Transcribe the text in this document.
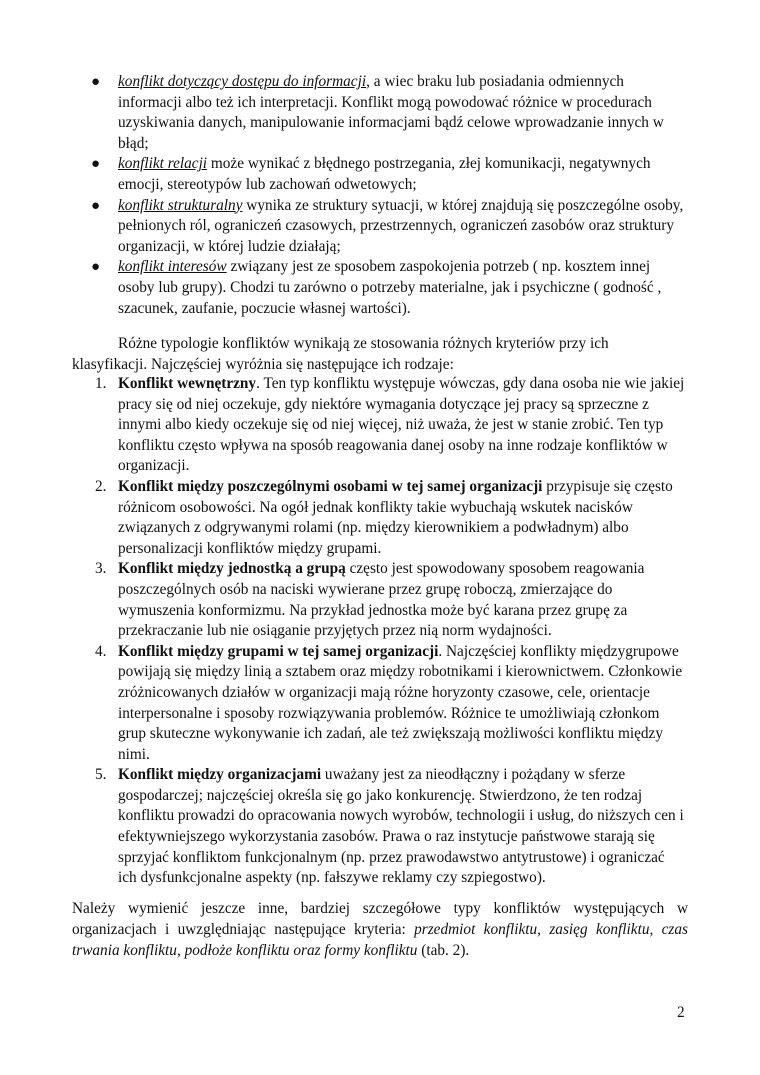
● konflikt dotyczący dostępu do informacji, a wiec braku lub posiadania odmiennych informacji albo też ich interpretacji. Konflikt mogą powodować różnice w procedurach uzyskiwania danych, manipulowanie informacjami bądź celowe wprowadzanie innych w błąd;
● konflikt relacji może wynikać z błędnego postrzegania, złej komunikacji, negatywnych emocji, stereotypów lub zachowań odwetowych;
● konflikt strukturalny wynika ze struktury sytuacji, w której znajdują się poszczególne osoby, pełnionych ról, ograniczeń czasowych, przestrzennych, ograniczeń zasobów oraz struktury organizacji, w której ludzie działają;
● konflikt interesów związany jest ze sposobem zaspokojenia potrzeb ( np. kosztem innej osoby lub grupy). Chodzi tu zarówno o potrzeby materialne, jak i psychiczne ( godność , szacunek, zaufanie, poczucie własnej wartości).

Różne typologie konfliktów wynikają ze stosowania różnych kryteriów przy ich klasyfikacji. Najczęściej wyróżnia się następujące ich rodzaje:

1. Konflikt wewnętrzny. Ten typ konfliktu występuje wówczas, gdy dana osoba nie wie jakiej pracy się od niej oczekuje, gdy niektóre wymagania dotyczące jej pracy są sprzeczne z innymi albo kiedy oczekuje się od niej więcej, niż uważa, że jest w stanie zrobić. Ten typ konfliktu często wpływa na sposób reagowania danej osoby na inne rodzaje konfliktów w organizacji.
2. Konflikt między poszczególnymi osobami w tej samej organizacji przypisuje się często różnicom osobowości. Na ogół jednak konflikty takie wybuchają wskutek nacisków związanych z odgrywanymi rolami (np. między kierownikiem a podwładnym) albo personalizacji konfliktów między grupami.
3. Konflikt między jednostką a grupą często jest spowodowany sposobem reagowania poszczególnych osób na naciski wywierane przez grupę roboczą, zmierzające do wymuszenia konformizmu. Na przykład jednostka może być karana przez grupę za przekraczanie lub nie osiąganie przyjętych przez nią norm wydajności.
4. Konflikt między grupami w tej samej organizacji. Najczęściej konflikty międzygrupowe powijają się między linią a sztabem oraz między robotnikami i kierownictwem. Członkowie zróżnicowanych działów w organizacji mają różne horyzonty czasowe, cele, orientacje interpersonalne i sposoby rozwiązywania problemów. Różnice te umożliwiają członkom grup skuteczne wykonywanie ich zadań, ale też zwiększają możliwości konfliktu między nimi.
5. Konflikt między organizacjami uważany jest za nieodłączny i pożądany w sferze gospodarczej; najczęściej określa się go jako konkurencję. Stwierdzono, że ten rodzaj konfliktu prowadzi do opracowania nowych wyrobów, technologii i usług, do niższych cen i efektywniejszego wykorzystania zasobów. Prawa o raz instytucje państwowe starają się sprzyjać konfliktom funkcjonalnym (np. przez prawodawstwo antytrustowe) i ograniczać ich dysfunkcjonalne aspekty (np. fałszywe reklamy czy szpiegostwo).

Należy wymienić jeszcze inne, bardziej szczegółowe typy konfliktów występujących w organizacjach i uwzględniając następujące kryteria: przedmiot konfliktu, zasięg konfliktu, czas trwania konfliktu, podłoże konfliktu oraz formy konfliktu (tab. 2).

2
